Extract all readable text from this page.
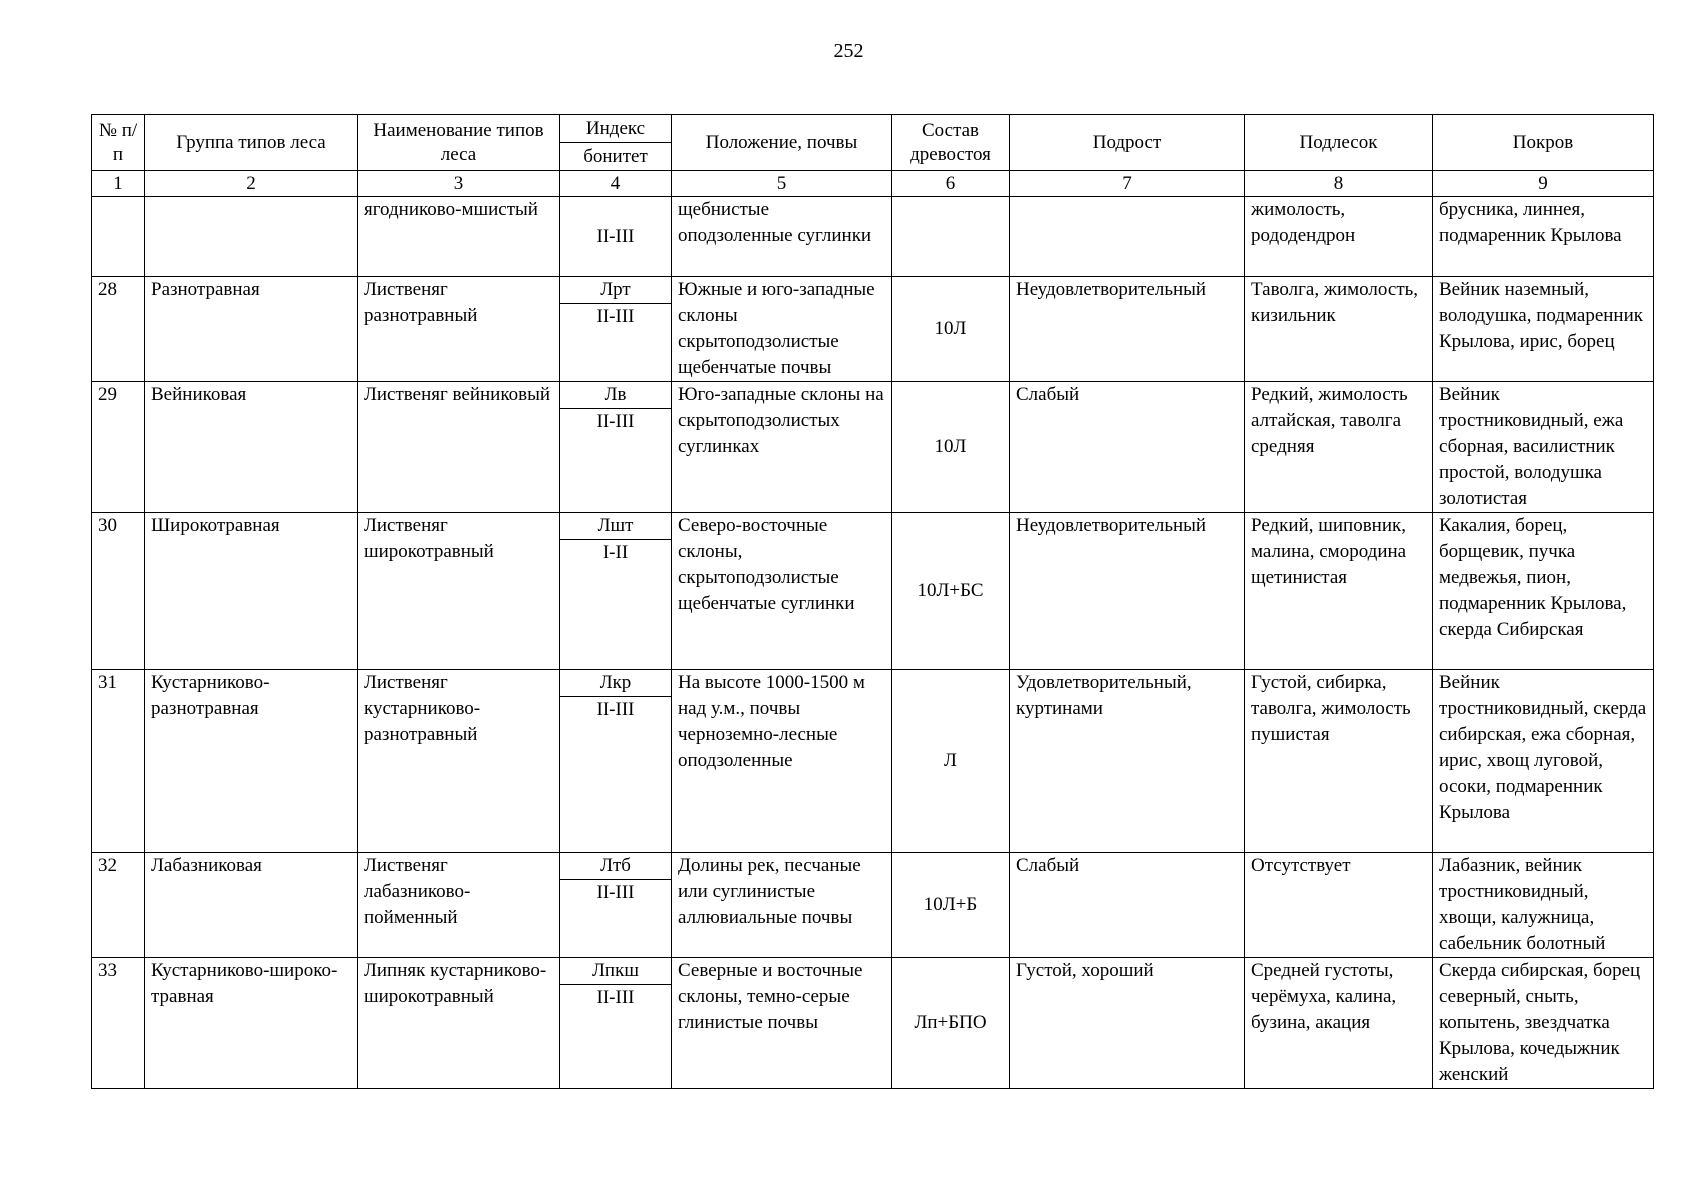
252
№ п/п	Группа типов леса	Наименование типов леса	Индекс	Положение, почвы	Состав древостоя	Подрост	Подлесок	Покров
			бонитет					
1	2	3	4	5	6	7	8	9
		ягодниково-мшистый	II-III	щебнистые оподзоленные суглинки			жимолость, рододендрон	брусника, линнея, подмаренник Крылова
28	Разнотравная	Лиственяг разнотравный	Лрт	Южные и юго-западные склоны скрытоподзолистые щебенчатые почвы	10Л	Неудовлетворительный	Таволга, жимолость, кизильник	Вейник наземный, володушка, подмаренник Крылова, ирис, борец
			II-III					
29	Вейниковая	Лиственяг вейниковый	Лв	Юго-западные склоны на скрытоподзолистых суглинках	10Л	Слабый	Редкий, жимолость алтайская, таволга средняя	Вейник тростниковидный, ежа сборная, василистник простой, володушка золотистая
			II-III					
30	Широкотравная	Лиственяг широкотравный	Лшт	Северо-восточные склоны, скрытоподзолистые щебенчатые суглинки	10Л+БС	Неудовлетворительный	Редкий, шиповник, малина, смородина щетинистая	Какалия, борец, борщевик, пучка медвежья, пион, подмаренник Крылова, скерда Сибирская
			I-II					
31	Кустарниково-разнотравная	Лиственяг кустарниково-разнотравный	Лкр	На высоте 1000-1500 м над у.м., почвы черноземно-лесные оподзоленные	Л	Удовлетворительный, куртинами	Густой, сибирка, таволга, жимолость пушистая	Вейник тростниковидный, скерда сибирская, ежа сборная, ирис, хвощ луговой, осоки, подмаренник Крылова
			II-III					
32	Лабазниковая	Лиственяг лабазниково-пойменный	Лтб	Долины рек, песчаные или суглинистые аллювиальные почвы	10Л+Б	Слабый	Отсутствует	Лабазник, вейник тростниковидный, хвощи, калужница, сабельник болотный
			II-III					
33	Кустарниково-широко-травная	Липняк кустарниково-широкотравный	Лпкш	Северные и восточные склоны, темно-серые глинистые почвы	Лп+БПО	Густой, хороший	Средней густоты, черёмуха, калина, бузина, акация	Скерда сибирская, борец северный, сныть, копытень, звездчатка Крылова, кочедыжник женский
			II-III					
